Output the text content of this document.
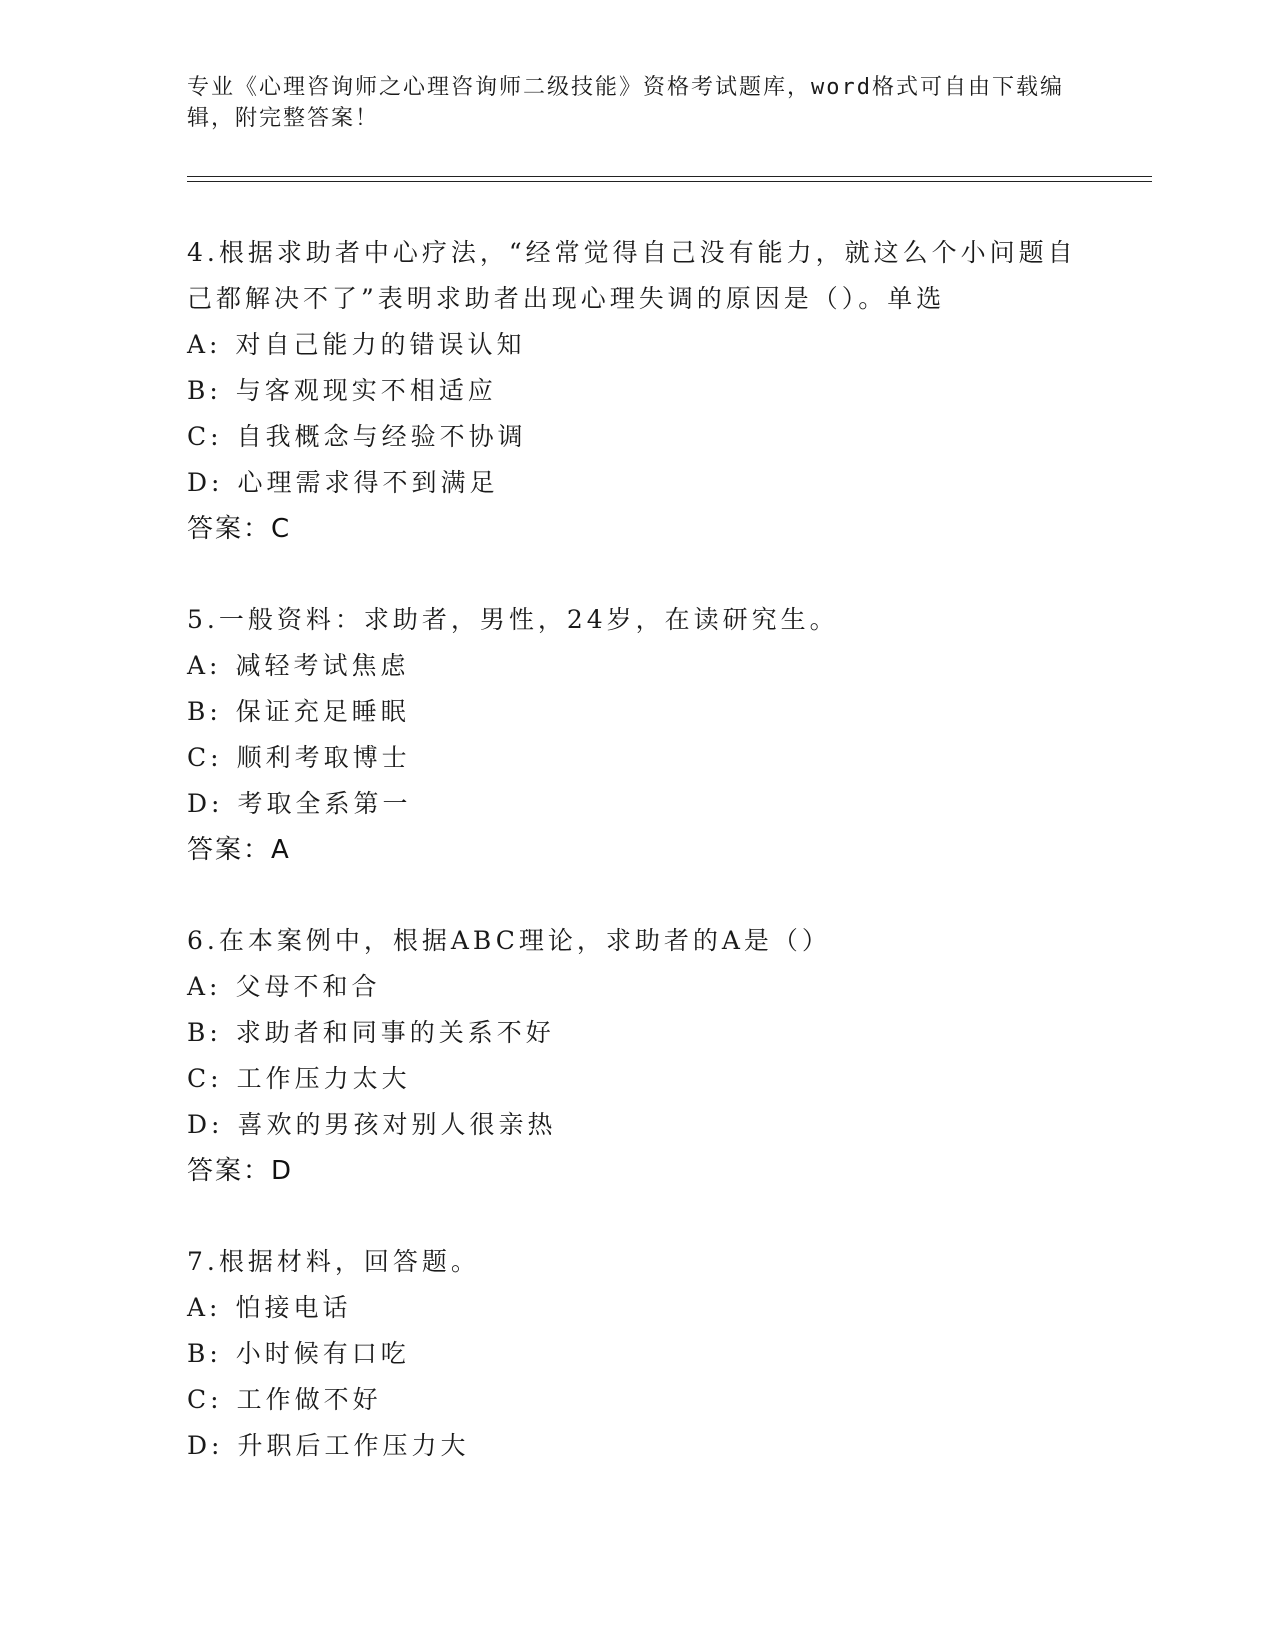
专业《心理咨询师之心理咨询师二级技能》资格考试题库，word格式可自由下载编辑，附完整答案！
4.根据求助者中心疗法，“经常觉得自己没有能力，就这么个小问题自己都解决不了”表明求助者出现心理失调的原因是（）。单选
A: 对自己能力的错误认知
B: 与客观现实不相适应
C: 自我概念与经验不协调
D: 心理需求得不到满足
答案：C
5.一般资料：求助者，男性，24岁，在读研究生。
A: 减轻考试焦虑
B: 保证充足睡眠
C: 顺利考取博士
D: 考取全系第一
答案：A
6.在本案例中，根据ABC理论，求助者的A是（）
A: 父母不和合
B: 求助者和同事的关系不好
C: 工作压力太大
D: 喜欢的男孩对别人很亲热
答案：D
7.根据材料，回答题。
A: 怕接电话
B: 小时候有口吃
C: 工作做不好
D: 升职后工作压力大
